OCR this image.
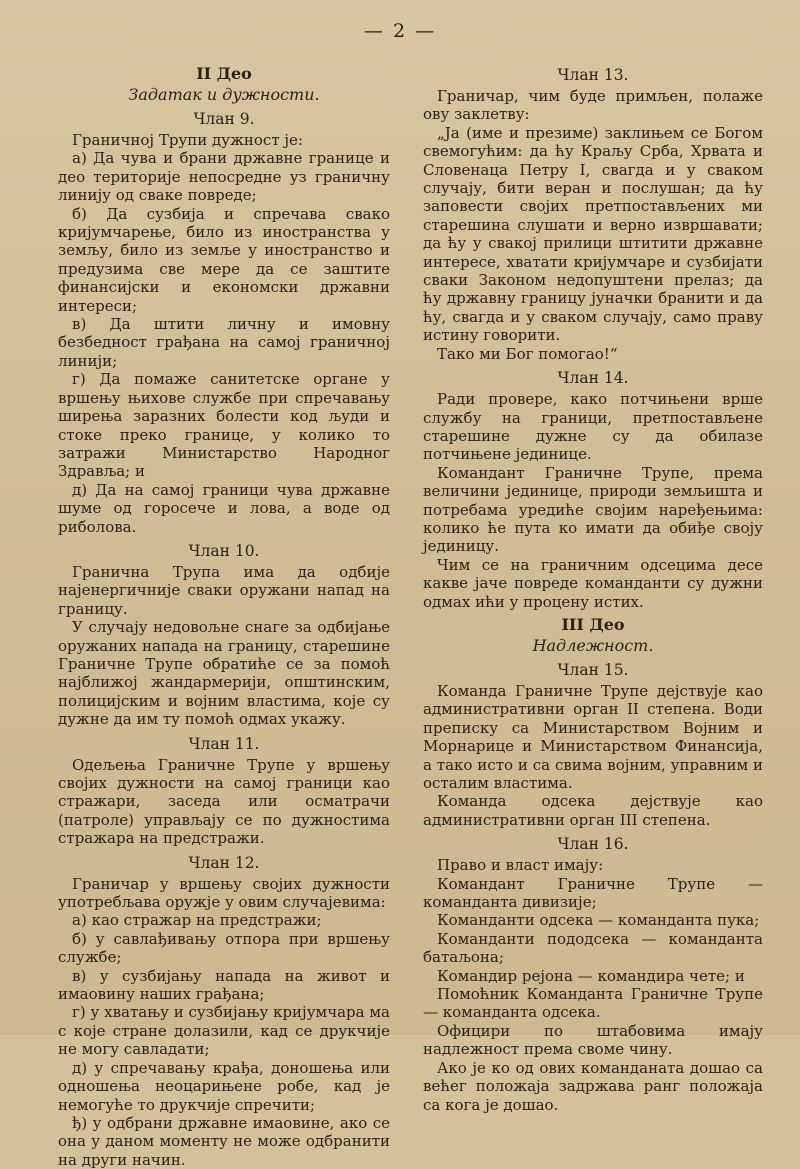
— 2 —
II Део
Задатак и дужности.
Члан 9.

Граничној Трупи дужност је:

а) Да чува и брани државне границе и део територије непосредне уз граничну линију од сваке повреде;

б) Да сузбија и спречава свако кријумчарење, било из иностранства у земљу, било из земље у иностранство и предузима све мере да се заштите финансијски и економски државни интереси;

в) Да штити личну и имовну безбедност грађана на самој граничној линији;

г) Да помаже санитетске органе у вршењу њихове службе при спречавању ширења заразних болести код људи и стоке преко границе, у колико то затражи Министарство Народног Здравља; и

д) Да на самој граници чува државне шуме од горосече и лова, а воде од риболова.

Члан 10.

Гранична Трупа има да одбије најенергичније сваки оружани напад на границу.

У случају недовољне снаге за одбијање оружаних напада на границу, старешине Граничне Трупе обратиће се за помоћ најближој жандармерији, општинским, полицијским и војним властима, које су дужне да им ту помоћ одмах укажу.

Члан 11.

Одељења Граничне Трупе у вршењу својих дужности на самој граници као стражари, заседа или осматрачи (патроле) управљају се по дужностима стражара на предстражи.

Члан 12.

Граничар у вршењу својих дужности употребљава оружје у овим случајевима:

а) као стражар на предстражи;

б) у савлађивању отпора при вршењу службе;

в) у сузбијању напада на живот и имаовину наших грађана;

г) у хватању и сузбијању кријумчара ма с које стране долазили, кад се друкчије не могу савладати;

д) у спречавању крађа, доношења или одношења неоцарињене робе, кад је немогуће то друкчије спречити;

ђ) у одбрани државне имаовине, ако се она у даном моменту не може одбранити на други начин.

Члан 13.

Граничар, чим буде примљен, полаже ову заклетву:

„Ја (име и презиме) заклињем се Богом свемогућим: да ћу Краљу Срба, Хрвата и Словенаца Петру I, свагда и у сваком случају, бити веран и послушан; да ћу заповести својих претпостављених ми старешина слушати и верно извршавати; да ћу у свакој прилици штитити државне интересе, хватати кријумчаре и сузбијати сваки Законом недопуштени прелаз; да ћу државну границу јуначки бранити и да ћу, свагда и у сваком случају, само праву истину говорити.

Тако ми Бог помогао!“

Члан 14.

Ради провере, како потчињени врше службу на граници, претпостављене старешине дужне су да обилазе потчињене јединице.

Командант Граничне Трупе, према величини јединице, природи земљишта и потребама уредиће својим наређењима: колико ће пута ко имати да обиђе своју јединицу.

Чим се на граничним одсецима десе какве јаче повреде команданти су дужни одмах ићи у процену истих.

III Део
Надлежност.
Члан 15.

Команда Граничне Трупе дејствује као административни орган II степена. Води преписку са Министарством Војним и Морнарице и Министарством Финансија, а тако исто и са свима војним, управним и осталим властима.

Команда одсека дејствује као административни орган III степена.

Члан 16.

Право и власт имају:

Командант Граничне Трупе — команданта дивизије;

Команданти одсека — команданта пука;

Команданти пододсека — команданта батаљона;

Командир рејона — командира чете; и

Помоћник Команданта Граничне Трупе — команданта одсека.

Официри по штабовима имају надлежност према своме чину.

Ако је ко од ових команданата дошао са већег положаја задржава ранг положаја са кога је дошао.
